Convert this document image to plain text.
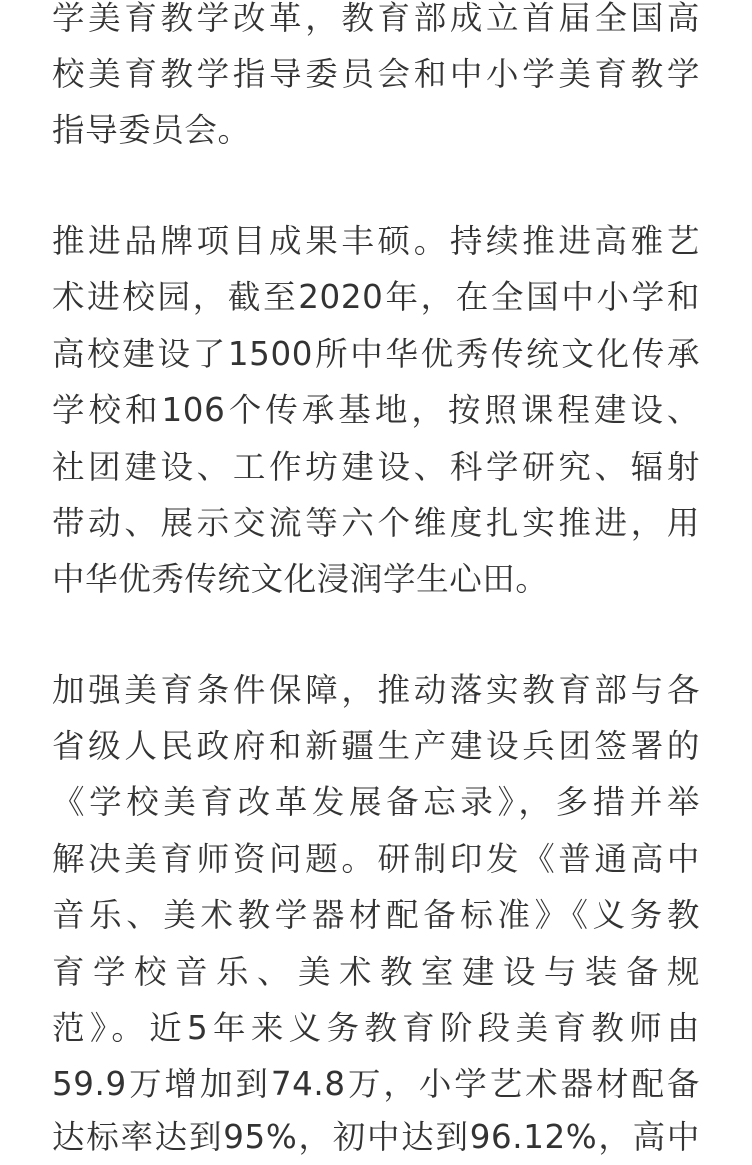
学美育教学改革，教育部成立首届全国高
校美育教学指导委员会和中小学美育教学
指导委员会。
推进品牌项目成果丰硕。持续推进高雅艺
术进校园，截至2020年，在全国中小学和
高校建设了1500所中华优秀传统文化传承
学校和106个传承基地，按照课程建设、
社团建设、工作坊建设、科学研究、辐射
带动、展示交流等六个维度扎实推进，用
中华优秀传统文化浸润学生心田。
加强美育条件保障，推动落实教育部与各
省级人民政府和新疆生产建设兵团签署的
《学校美育改革发展备忘录》，多措并举
解决美育师资问题。研制印发《普通高中
音乐、美术教学器材配备标准》《义务教
育学校音乐、美术教室建设与装备规
范》。近5年来义务教育阶段美育教师由
59.9万增加到74.8万，小学艺术器材配备
达标率达到95%，初中达到96.12%，高中
